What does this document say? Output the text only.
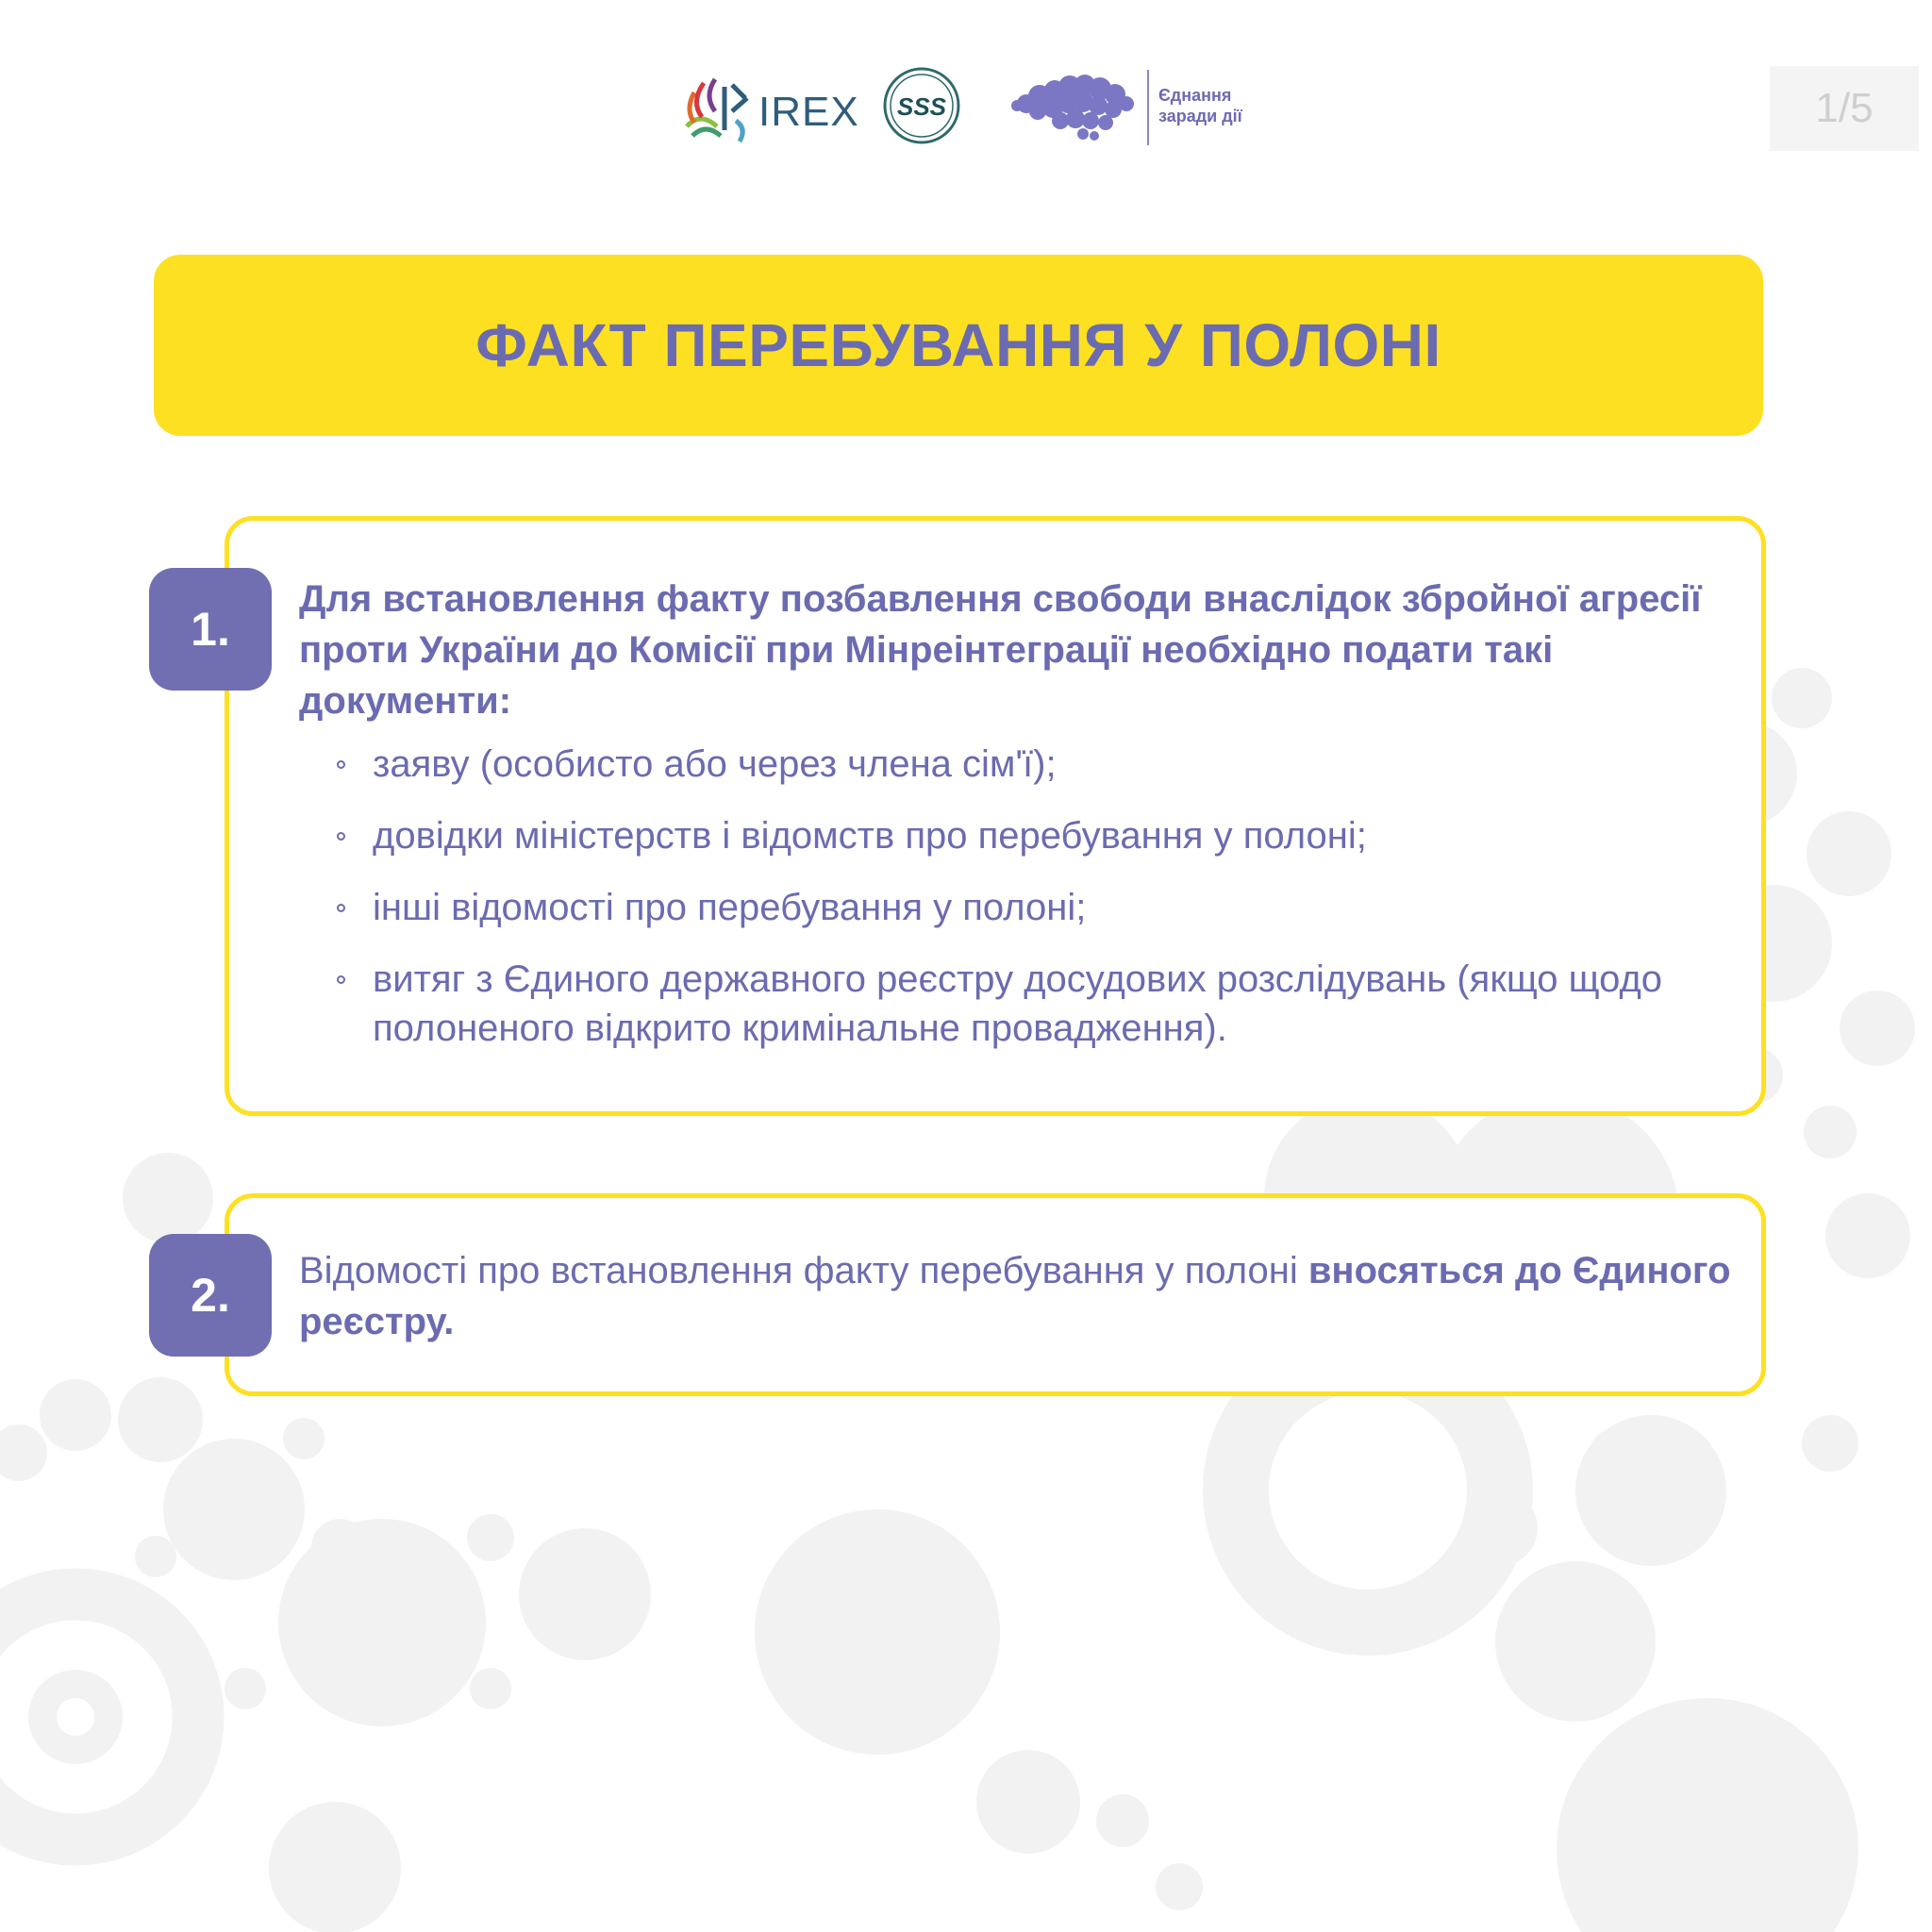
IREX SSS	Єднання
заради дії	1/5
ФАКТ ПЕРЕБУВАННЯ У ПОЛОНІ
1.
Для встановлення факту позбавлення свободи внаслідок збройної агресії проти України до Комісії при Мінреінтеграції необхідно подати такі документи:
заяву (особисто або через члена сім'ї);
довідки міністерств і відомств про перебування у полоні;
інші відомості про перебування у полоні;
витяг з Єдиного державного реєстру досудових розслідувань (якщо щодо полоненого відкрито кримінальне провадження).
2.	Відомості про встановлення факту перебування у полоні вносяться до Єдиного реєстру.
